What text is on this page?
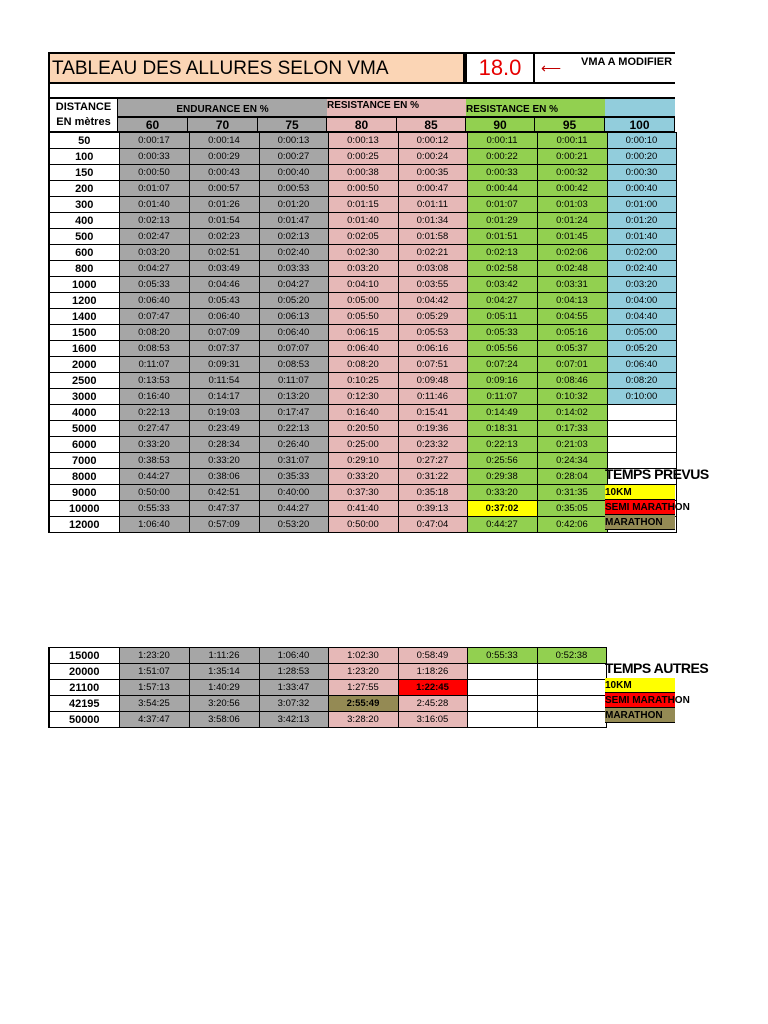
TABLEAU DES ALLURES SELON VMA	18.0	⟵ VMA A MODIFIER
DISTANCE
EN mètres
ENDURANCE EN %	RESISTANCE EN %	RESISTANCE EN %
60	70	75	80	85	90	95	100
50	0:00:17	0:00:14	0:00:13	0:00:13	0:00:12	0:00:11	0:00:11	0:00:10
100	0:00:33	0:00:29	0:00:27	0:00:25	0:00:24	0:00:22	0:00:21	0:00:20
150	0:00:50	0:00:43	0:00:40	0:00:38	0:00:35	0:00:33	0:00:32	0:00:30
200	0:01:07	0:00:57	0:00:53	0:00:50	0:00:47	0:00:44	0:00:42	0:00:40
300	0:01:40	0:01:26	0:01:20	0:01:15	0:01:11	0:01:07	0:01:03	0:01:00
400	0:02:13	0:01:54	0:01:47	0:01:40	0:01:34	0:01:29	0:01:24	0:01:20
500	0:02:47	0:02:23	0:02:13	0:02:05	0:01:58	0:01:51	0:01:45	0:01:40
600	0:03:20	0:02:51	0:02:40	0:02:30	0:02:21	0:02:13	0:02:06	0:02:00
800	0:04:27	0:03:49	0:03:33	0:03:20	0:03:08	0:02:58	0:02:48	0:02:40
1000	0:05:33	0:04:46	0:04:27	0:04:10	0:03:55	0:03:42	0:03:31	0:03:20
1200	0:06:40	0:05:43	0:05:20	0:05:00	0:04:42	0:04:27	0:04:13	0:04:00
1400	0:07:47	0:06:40	0:06:13	0:05:50	0:05:29	0:05:11	0:04:55	0:04:40
1500	0:08:20	0:07:09	0:06:40	0:06:15	0:05:53	0:05:33	0:05:16	0:05:00
1600	0:08:53	0:07:37	0:07:07	0:06:40	0:06:16	0:05:56	0:05:37	0:05:20
2000	0:11:07	0:09:31	0:08:53	0:08:20	0:07:51	0:07:24	0:07:01	0:06:40
2500	0:13:53	0:11:54	0:11:07	0:10:25	0:09:48	0:09:16	0:08:46	0:08:20
3000	0:16:40	0:14:17	0:13:20	0:12:30	0:11:46	0:11:07	0:10:32	0:10:00
4000	0:22:13	0:19:03	0:17:47	0:16:40	0:15:41	0:14:49	0:14:02	
5000	0:27:47	0:23:49	0:22:13	0:20:50	0:19:36	0:18:31	0:17:33	
6000	0:33:20	0:28:34	0:26:40	0:25:00	0:23:32	0:22:13	0:21:03	
7000	0:38:53	0:33:20	0:31:07	0:29:10	0:27:27	0:25:56	0:24:34	
8000	0:44:27	0:38:06	0:35:33	0:33:20	0:31:22	0:29:38	0:28:04	
9000	0:50:00	0:42:51	0:40:00	0:37:30	0:35:18	0:33:20	0:31:35	
10000	0:55:33	0:47:37	0:44:27	0:41:40	0:39:13	0:37:02	0:35:05	
12000	1:06:40	0:57:09	0:53:20	0:50:00	0:47:04	0:44:27	0:42:06	
15000	1:23:20	1:11:26	1:06:40	1:02:30	0:58:49	0:55:33	0:52:38
20000	1:51:07	1:35:14	1:28:53	1:23:20	1:18:26		
21100	1:57:13	1:40:29	1:33:47	1:27:55	1:22:45		
42195	3:54:25	3:20:56	3:07:32	2:55:49	2:45:28		
50000	4:37:47	3:58:06	3:42:13	3:28:20	3:16:05		
TEMPS PREVUS
10KM
SEMI MARATHON
MARATHON
TEMPS AUTRES
10KM
SEMI MARATHON
MARATHON
